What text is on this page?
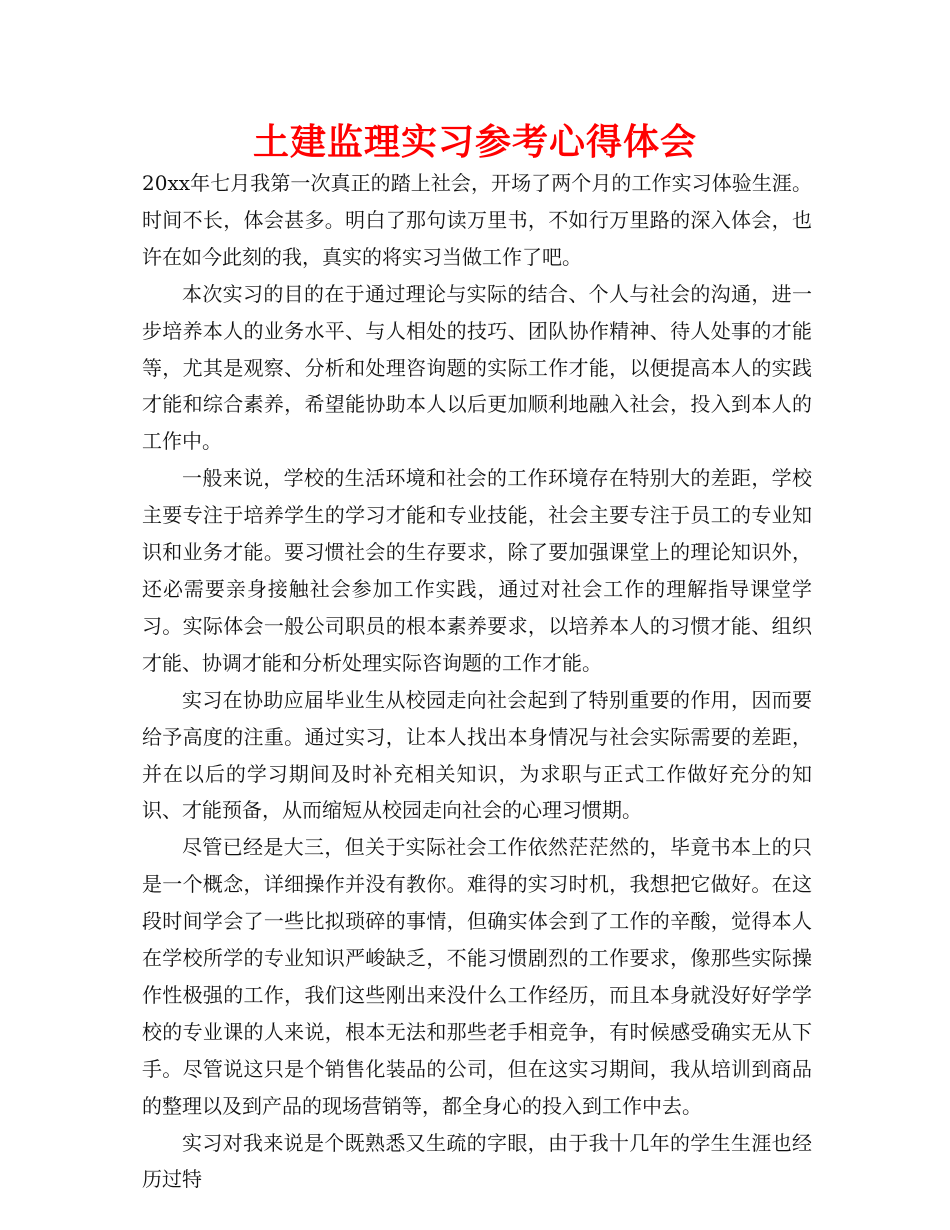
土建监理实习参考心得体会

20xx年七月我第一次真正的踏上社会，开场了两个月的工作实习体验生涯。时间不长，体会甚多。明白了那句读万里书，不如行万里路的深入体会，也许在如今此刻的我，真实的将实习当做工作了吧。

本次实习的目的在于通过理论与实际的结合、个人与社会的沟通，进一步培养本人的业务水平、与人相处的技巧、团队协作精神、待人处事的才能等，尤其是观察、分析和处理咨询题的实际工作才能，以便提高本人的实践才能和综合素养，希望能协助本人以后更加顺利地融入社会，投入到本人的工作中。

一般来说，学校的生活环境和社会的工作环境存在特别大的差距，学校主要专注于培养学生的学习才能和专业技能，社会主要专注于员工的专业知识和业务才能。要习惯社会的生存要求，除了要加强课堂上的理论知识外，还必需要亲身接触社会参加工作实践，通过对社会工作的理解指导课堂学习。实际体会一般公司职员的根本素养要求，以培养本人的习惯才能、组织才能、协调才能和分析处理实际咨询题的工作才能。

实习在协助应届毕业生从校园走向社会起到了特别重要的作用，因而要给予高度的注重。通过实习，让本人找出本身情况与社会实际需要的差距，并在以后的学习期间及时补充相关知识，为求职与正式工作做好充分的知识、才能预备，从而缩短从校园走向社会的心理习惯期。

尽管已经是大三，但关于实际社会工作依然茫茫然的，毕竟书本上的只是一个概念，详细操作并没有教你。难得的实习时机，我想把它做好。在这段时间学会了一些比拟琐碎的事情，但确实体会到了工作的辛酸，觉得本人在学校所学的专业知识严峻缺乏，不能习惯剧烈的工作要求，像那些实际操作性极强的工作，我们这些刚出来没什么工作经历，而且本身就没好好学学校的专业课的人来说，根本无法和那些老手相竞争，有时候感受确实无从下手。尽管说这只是个销售化装品的公司，但在这实习期间，我从培训到商品的整理以及到产品的现场营销等，都全身心的投入到工作中去。

实习对我来说是个既熟悉又生疏的字眼，由于我十几年的学生生涯也经历过特
